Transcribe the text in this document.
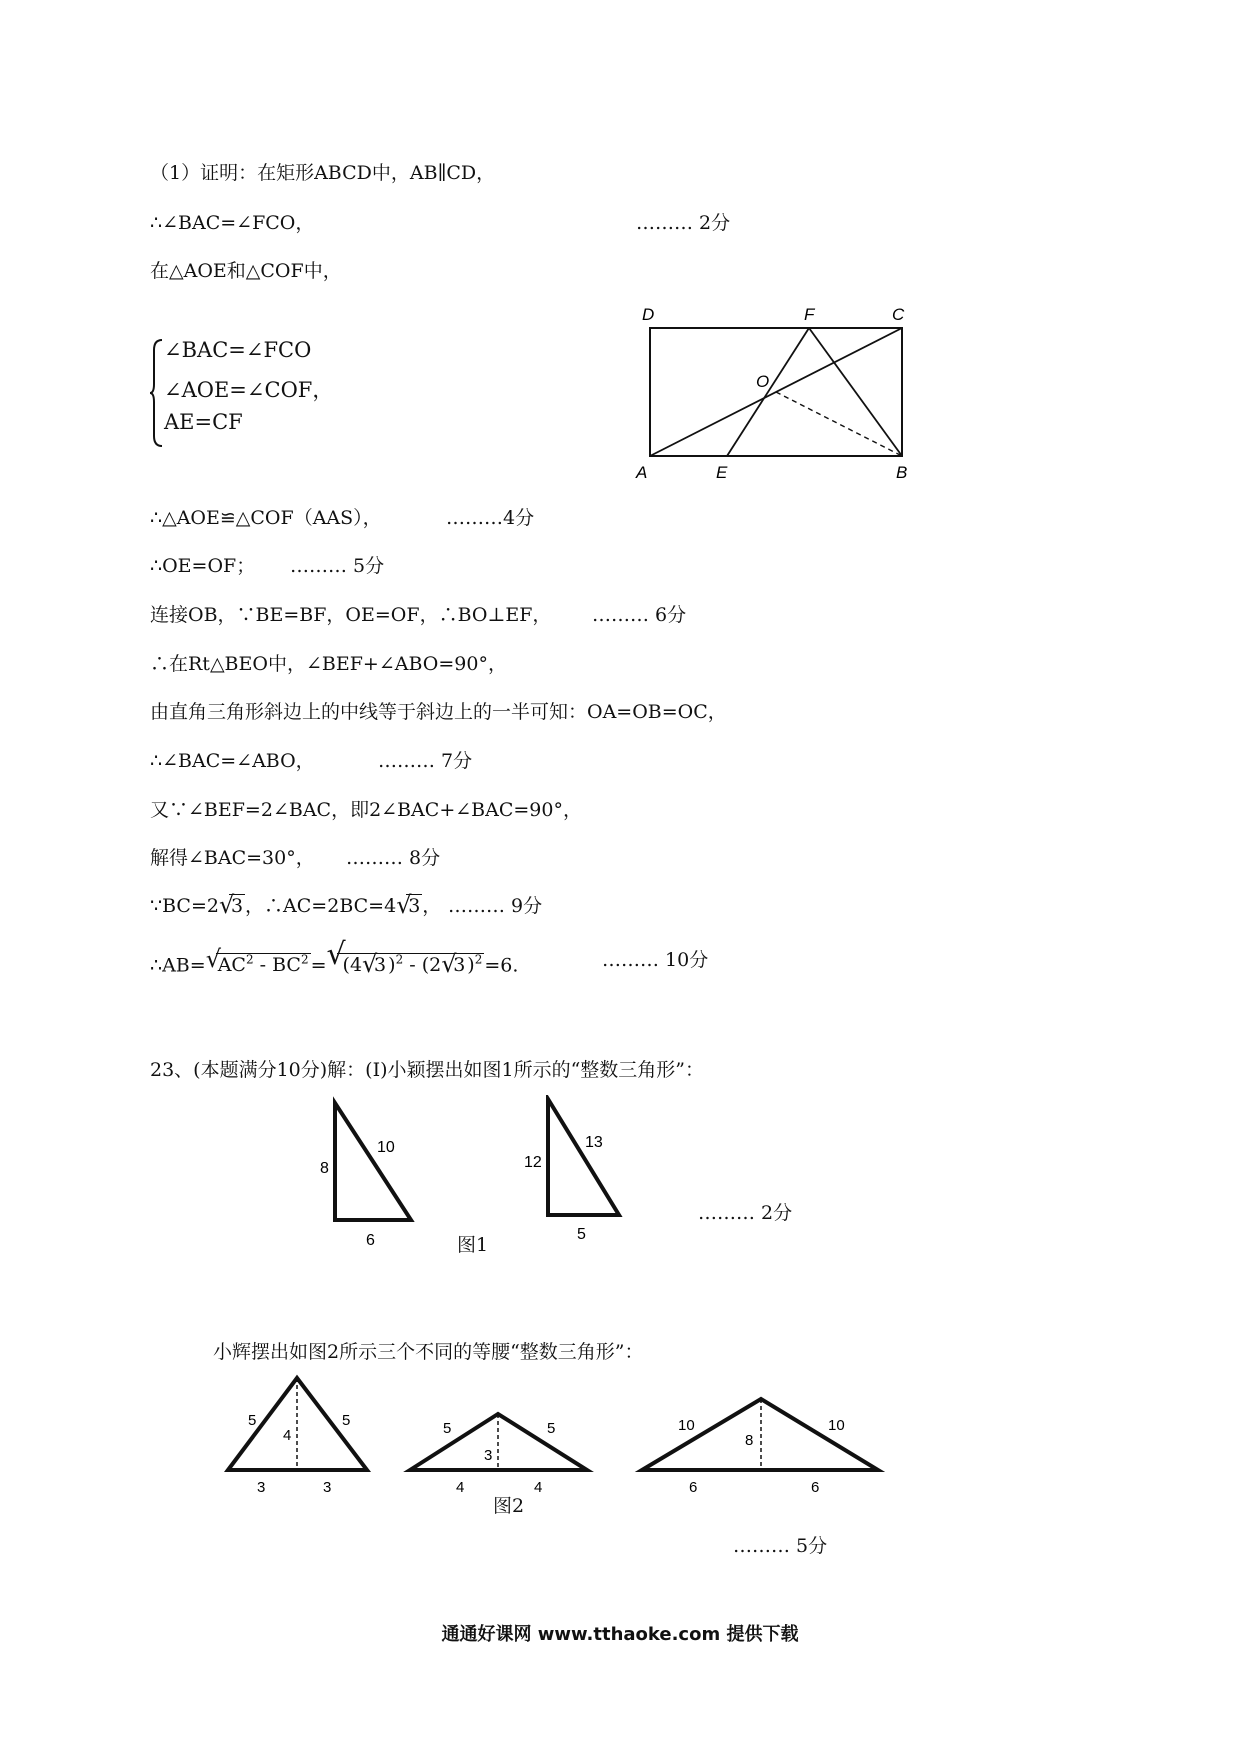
（1）证明：在矩形ABCD中，AB∥CD，
∴∠BAC=∠FCO，	……… 2分
在△AOE和△COF中，
∠BAC=∠FCO
∠AOE=∠COF，
AE=CF
D	F	C
O
A	E	B
∴△AOE≌△COF（AAS），	………4分
∴OE=OF； ……… 5分
连接OB，∵BE=BF，OE=OF，∴BO⊥EF， ……… 6分
∴在Rt△BEO中，∠BEF+∠ABO=90°，
由直角三角形斜边上的中线等于斜边上的一半可知：OA=OB=OC，
∴∠BAC=∠ABO，	……… 7分
又∵∠BEF=2∠BAC，即2∠BAC+∠BAC=90°，
解得∠BAC=30°， ……… 8分
∵BC=2 √
3 ，∴AC=2BC=4 √
3 ， ……… 9分
∴AB= √
$AC^2 - BC^2$ = √
(4 √
3 )$^2$ - (2 √
3 )$^2$ =6.	……… 10分
23、(本题满分10分)解：(I)小颖摆出如图1所示的“整数三角形”：
8
10
6
12
13
5
图1
……… 2分
小辉摆出如图2所示三个不同的等腰“整数三角形”：
5	5
4
3	3
5	5
3
4	4
10	10
8
6	6
图2
……… 5分
通通好课网 www.tthaoke.com 提供下载
